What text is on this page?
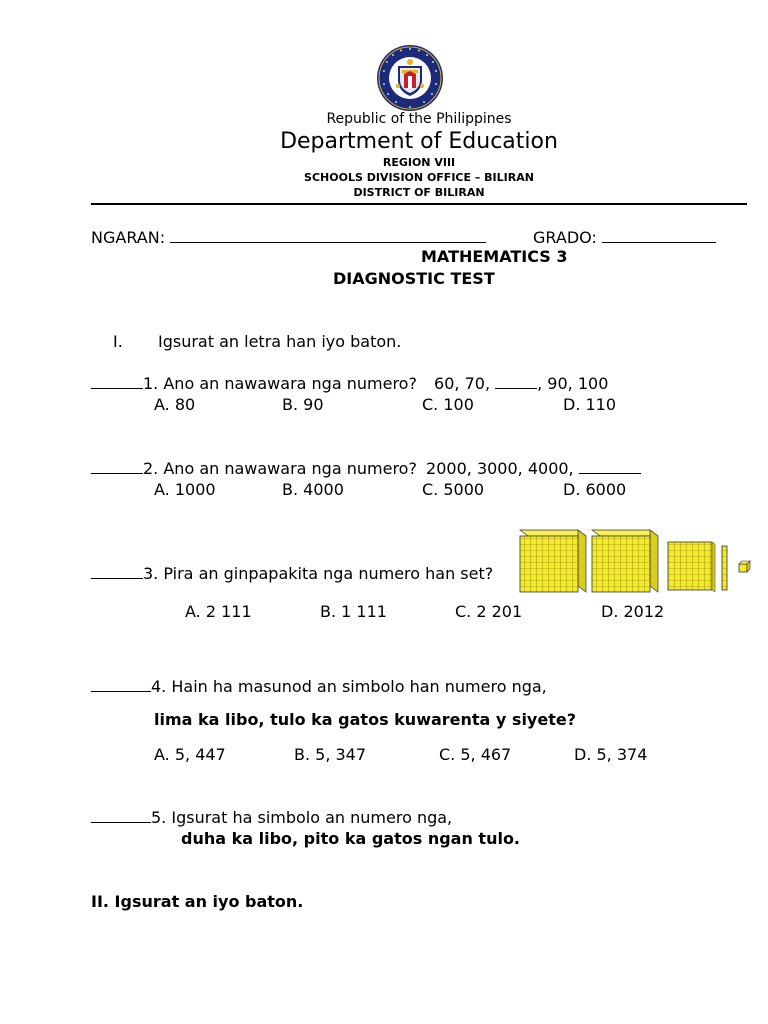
Republic of the Philippines
Department of Education
REGION VIII
SCHOOLS DIVISION OFFICE – BILIRAN
DISTRICT OF BILIRAN
NGARAN:	GRADO:
MATHEMATICS 3
DIAGNOSTIC TEST
I. Igsurat an letra han iyo baton.
1. Ano an nawawara nga numero? 60, 70,	, 90, 100
A. 80	B. 90	C. 100	D. 110
2. Ano an nawawara nga numero? 2000, 3000, 4000,
A. 1000	B. 4000	C. 5000	D. 6000
3. Pira an ginpapakita nga numero han set?
A. 2 111	B. 1 111	C. 2 201	D. 2012
4. Hain ha masunod an simbolo han numero nga,
lima ka libo, tulo ka gatos kuwarenta y siyete?
A. 5, 447	B. 5, 347	C. 5, 467	D. 5, 374
5. Igsurat ha simbolo an numero nga,
duha ka libo, pito ka gatos ngan tulo.
II. Igsurat an iyo baton.
